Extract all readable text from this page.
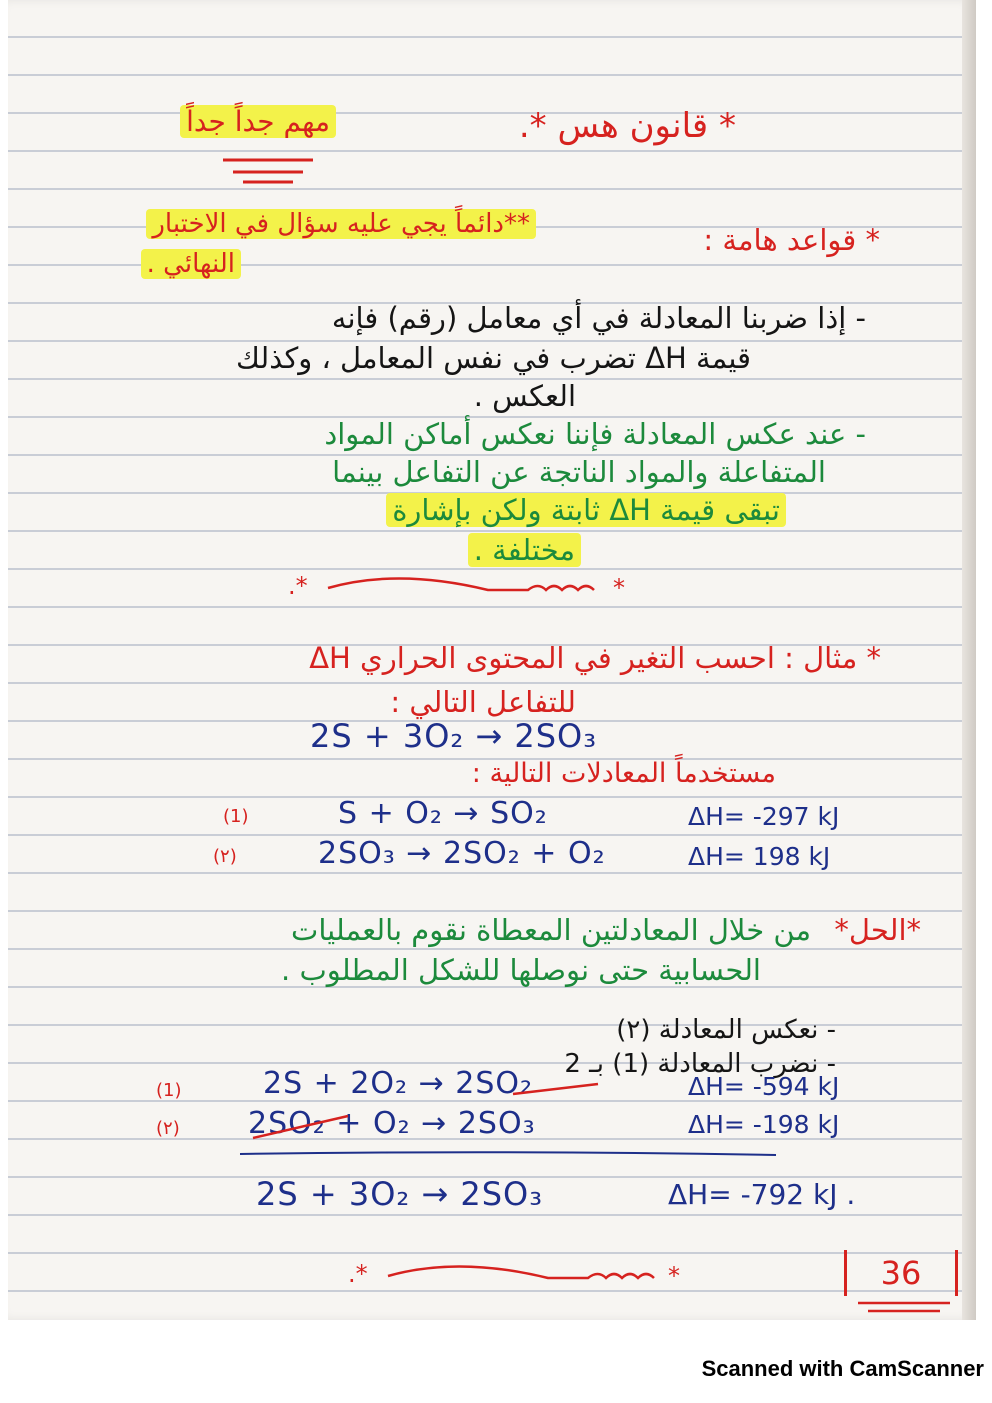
* قانون هس *.
مهم جداً جداً
* قواعد هامة :
**دائماً يجي عليه سؤال في الاختبار
النهائي .
- إذا ضربنا المعادلة في أي معامل (رقم) فإنه
قيمة ΔH تضرب في نفس المعامل ، وكذلك
العكس .
- عند عكس المعادلة فإننا نعكس أماكن المواد
المتفاعلة والمواد الناتجة عن التفاعل بينما
تبقى قيمة ΔH ثابتة ولكن بإشارة
مختلفة .
.*	*
* مثال : احسب التغير في المحتوى الحراري ΔH
للتفاعل التالي :
2S + 3O₂ → 2SO₃
مستخدماً المعادلات التالية :
(1)	S + O₂ → SO₂	ΔH= -297 kJ
(٢)	2SO₃ → 2SO₂ + O₂	ΔH= 198 kJ
*الحل*
من خلال المعادلتين المعطاة نقوم بالعمليات
الحسابية حتى نوصلها للشكل المطلوب .
- نعكس المعادلة (٢)
- نضرب المعادلة (1) بـ 2
(1)	2S + 2O₂ → 2SO₂	ΔH= -594 kJ
(٢) 2SO₂ + O₂ → 2SO₃	ΔH= -198 kJ
2S + 3O₂ → 2SO₃	ΔH= -792 kJ .
.*	*	36
Scanned with CamScanner
